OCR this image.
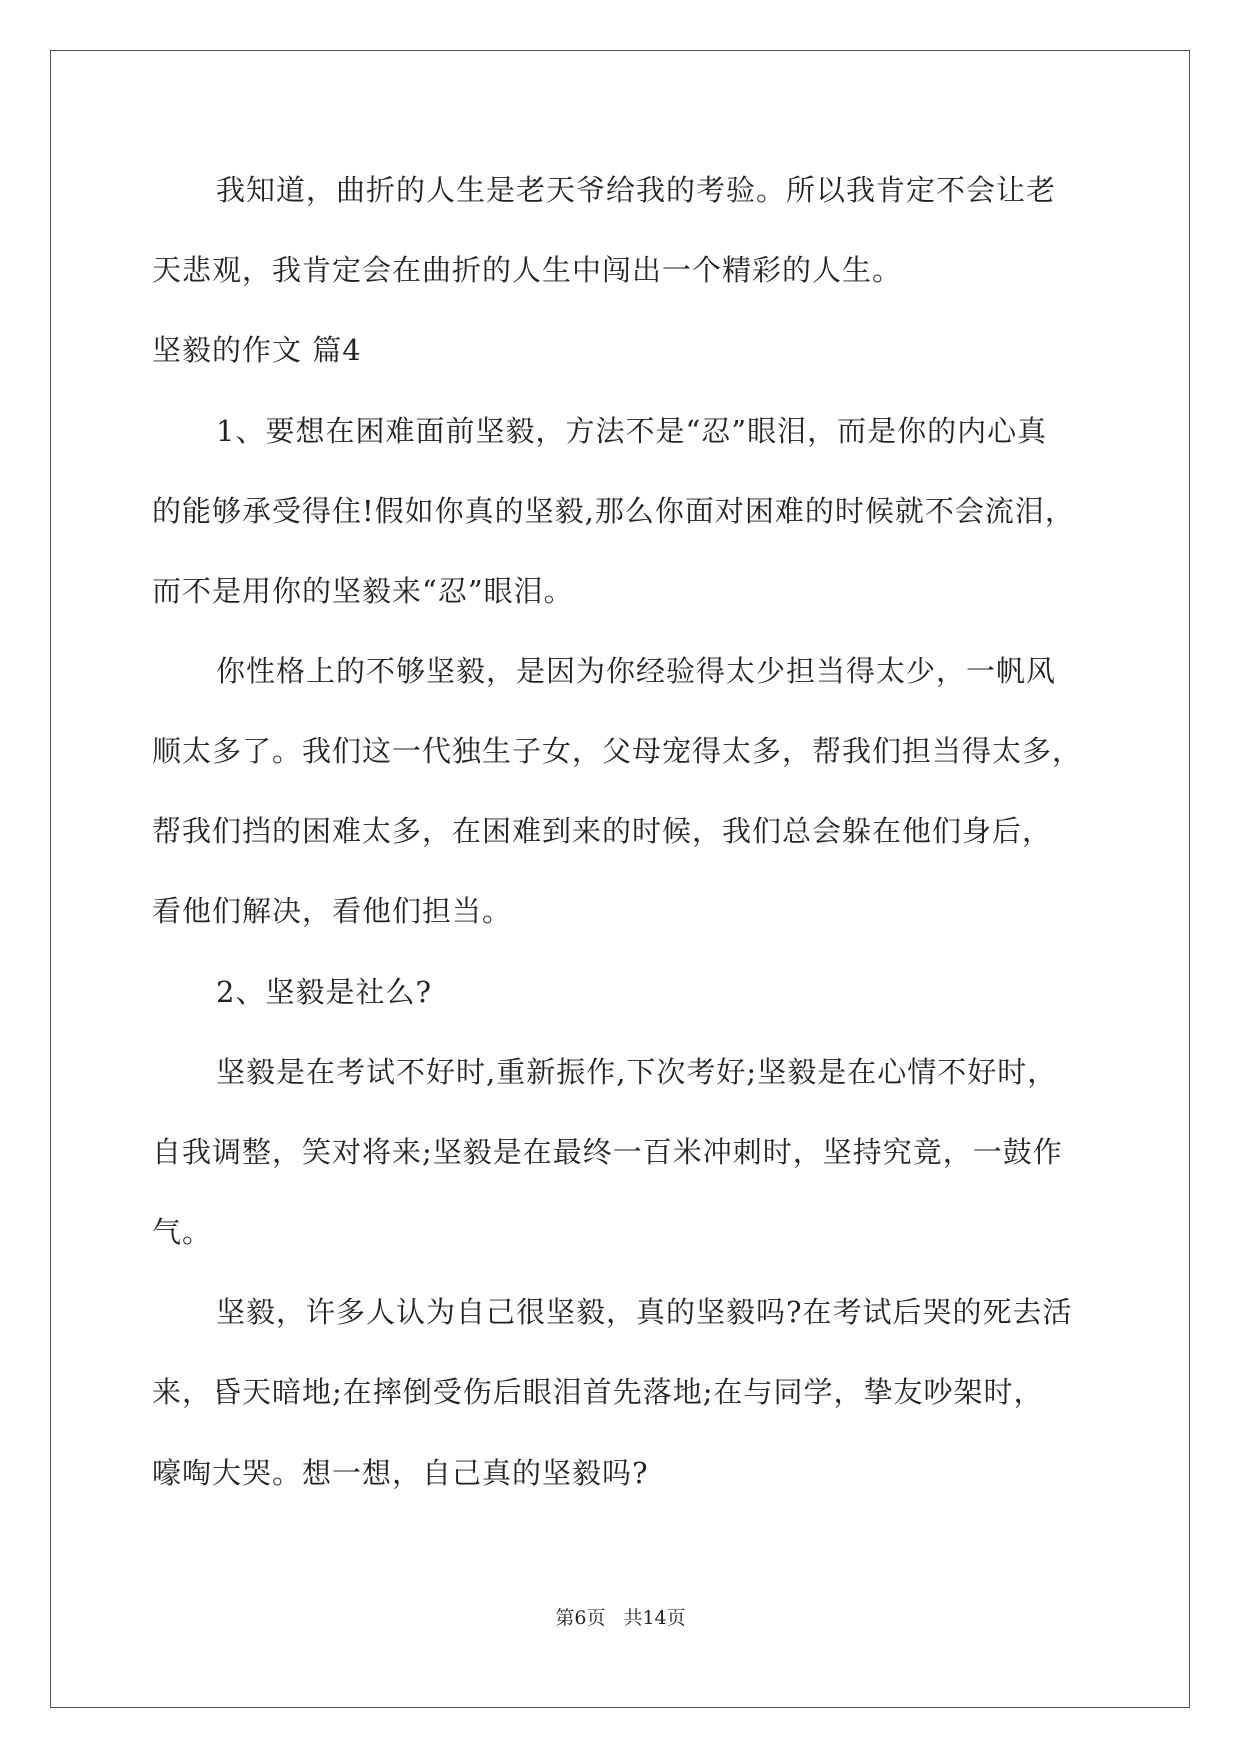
我知道，曲折的人生是老天爷给我的考验。所以我肯定不会让老
天悲观，我肯定会在曲折的人生中闯出一个精彩的人生。
坚毅的作文 篇4
1、要想在困难面前坚毅，方法不是“忍”眼泪，而是你的内心真
的能够承受得住!假如你真的坚毅,那么你面对困难的时候就不会流泪，
而不是用你的坚毅来“忍”眼泪。
你性格上的不够坚毅，是因为你经验得太少担当得太少，一帆风
顺太多了。我们这一代独生子女，父母宠得太多，帮我们担当得太多，
帮我们挡的困难太多，在困难到来的时候，我们总会躲在他们身后，
看他们解决，看他们担当。
2、坚毅是社么?
坚毅是在考试不好时,重新振作,下次考好;坚毅是在心情不好时，
自我调整，笑对将来;坚毅是在最终一百米冲刺时，坚持究竟，一鼓作
气。
坚毅，许多人认为自己很坚毅，真的坚毅吗?在考试后哭的死去活
来，昏天暗地;在摔倒受伤后眼泪首先落地;在与同学，挚友吵架时，
嚎啕大哭。想一想，自己真的坚毅吗?
第6页 共14页
